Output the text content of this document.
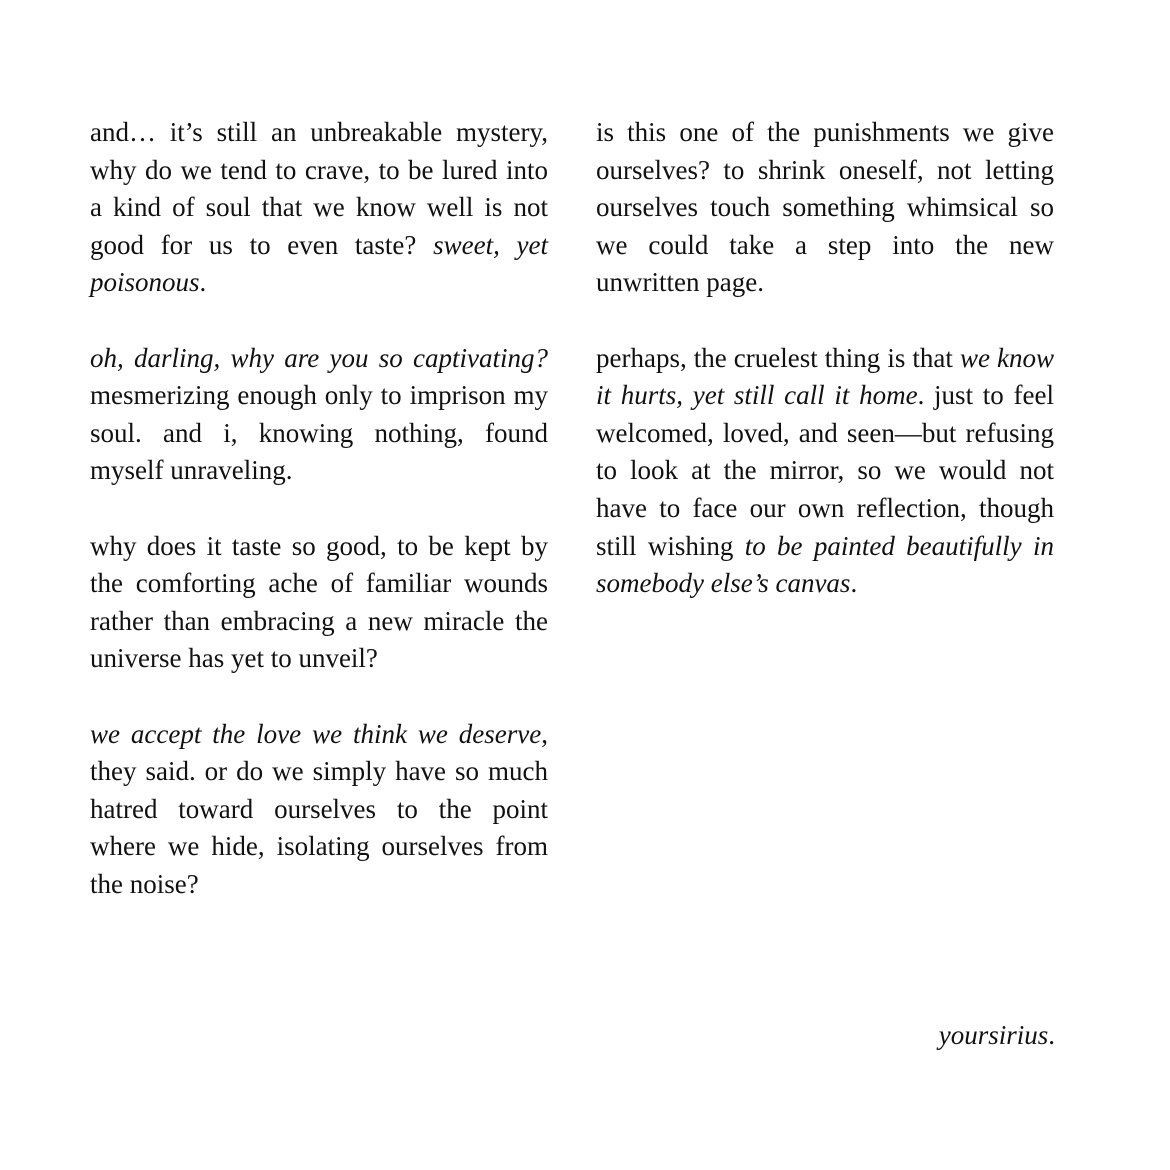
and… it’s still an unbreakable mystery, why do we tend to crave, to be lured into a kind of soul that we know well is not good for us to even taste? sweet, yet poisonous.

oh, darling, why are you so captivating? mesmerizing enough only to imprison my soul. and i, knowing nothing, found myself unraveling.

why does it taste so good, to be kept by the comforting ache of familiar wounds rather than embracing a new miracle the universe has yet to unveil?

we accept the love we think we deserve, they said. or do we simply have so much hatred toward ourselves to the point where we hide, isolating ourselves from the noise?

is this one of the punishments we give ourselves? to shrink oneself, not letting ourselves touch something whimsical so we could take a step into the new unwritten page.

perhaps, the cruelest thing is that we know it hurts, yet still call it home. just to feel welcomed, loved, and seen—but refusing to look at the mirror, so we would not have to face our own reflection, though still wishing to be painted beautifully in somebody else’s canvas.

yoursirius.
